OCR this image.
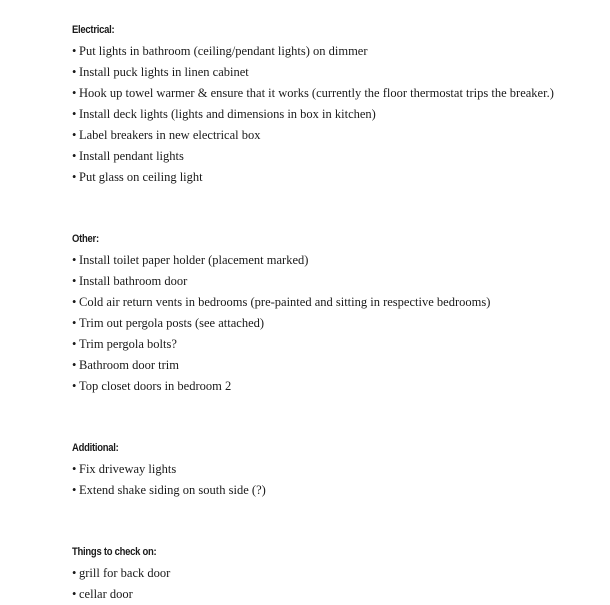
Electrical:
• Put lights in bathroom (ceiling/pendant lights) on dimmer
• Install puck lights in linen cabinet
• Hook up towel warmer & ensure that it works (currently the floor thermostat trips the breaker.)
• Install deck lights (lights and dimensions in box in kitchen)
• Label breakers in new electrical box
• Install pendant lights
• Put glass on ceiling light
Other:
• Install toilet paper holder (placement marked)
• Install bathroom door
• Cold air return vents in bedrooms (pre-painted and sitting in respective bedrooms)
• Trim out pergola posts (see attached)
• Trim pergola bolts?
• Bathroom door trim
• Top closet doors in bedroom 2
Additional:
• Fix driveway lights
• Extend shake siding on south side (?)
Things to check on:
• grill for back door
• cellar door
